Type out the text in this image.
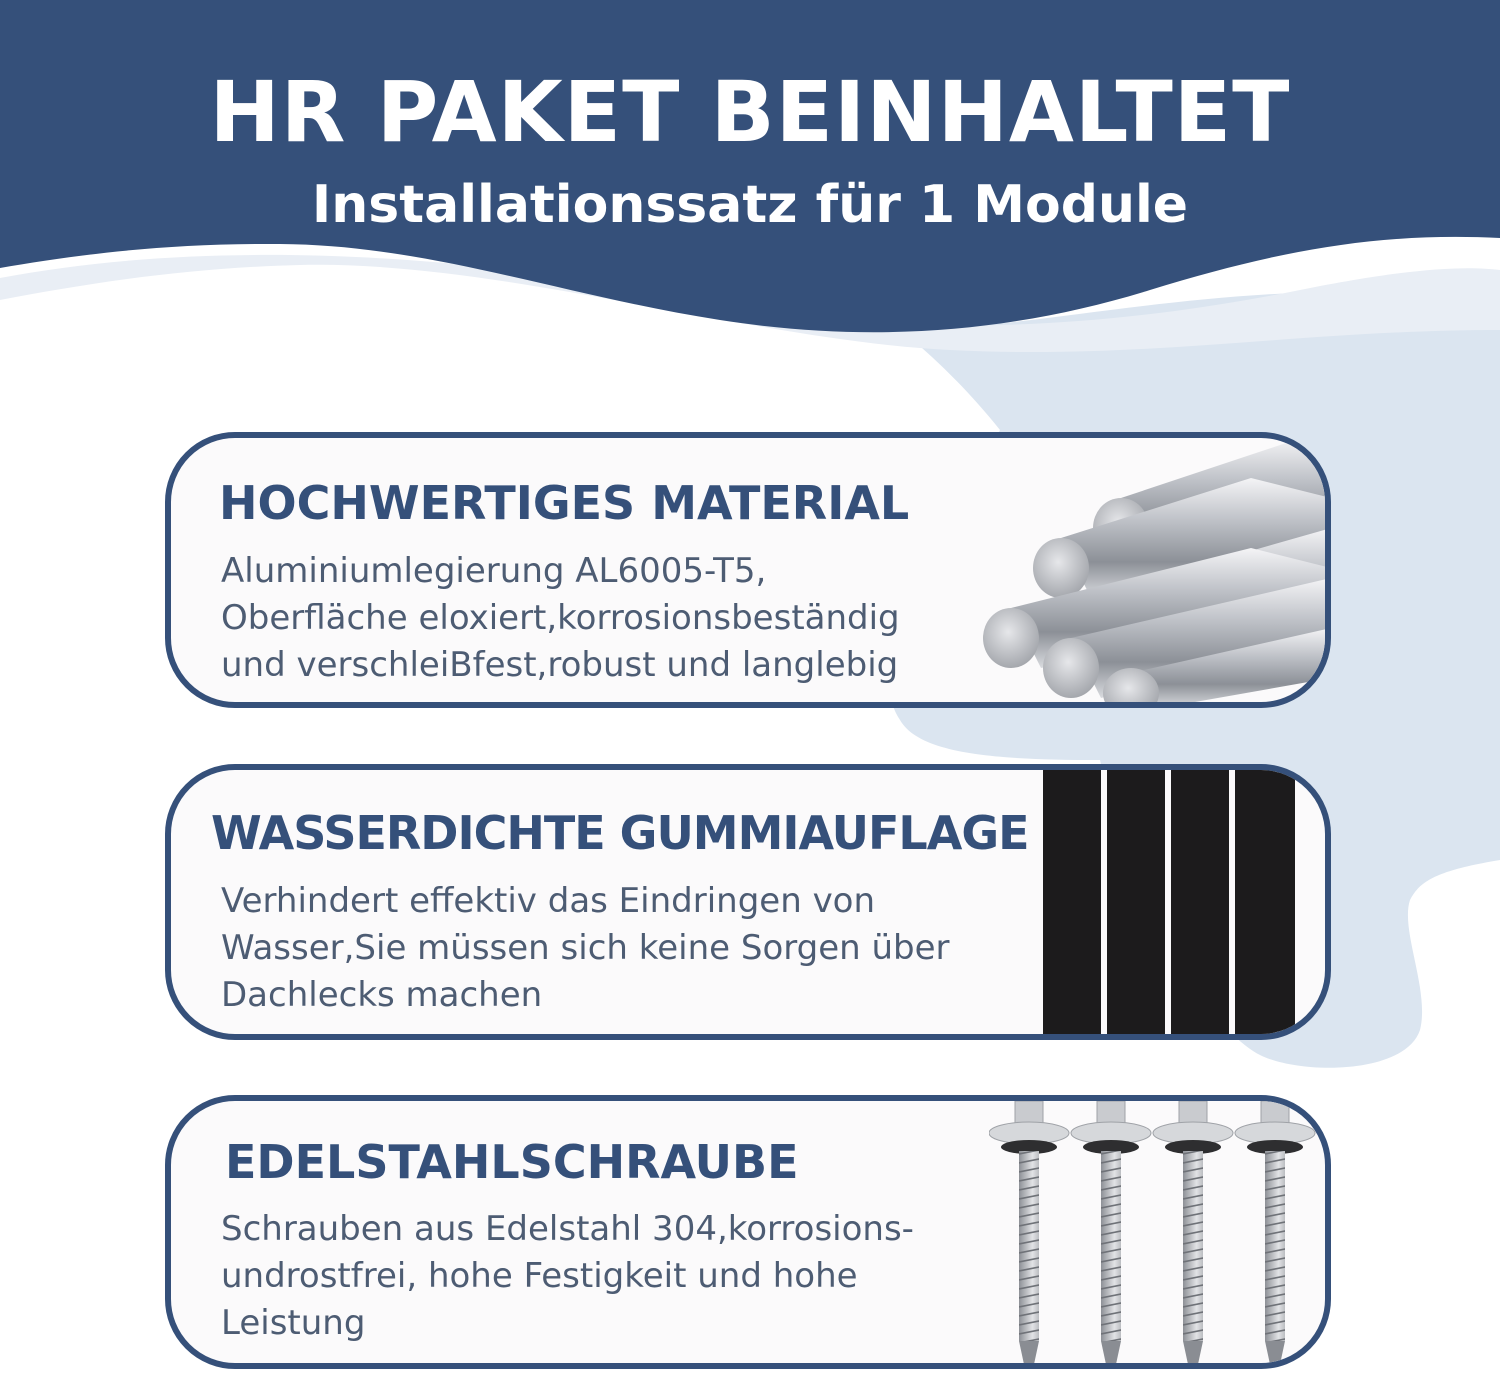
HR PAKET BEINHALTET
Installationssatz für 1 Module
HOCHWERTIGES MATERIAL

Aluminiumlegierung AL6005-T5,
Oberfläche eloxiert,korrosionsbeständig
und verschleiBfest,robust und langlebig

WASSERDICHTE GUMMIAUFLAGE

Verhindert effektiv das Eindringen von
Wasser,Sie müssen sich keine Sorgen über
Dachlecks machen

EDELSTAHLSCHRAUBE

Schrauben aus Edelstahl 304,korrosions-
undrostfrei, hohe Festigkeit und hohe
Leistung
